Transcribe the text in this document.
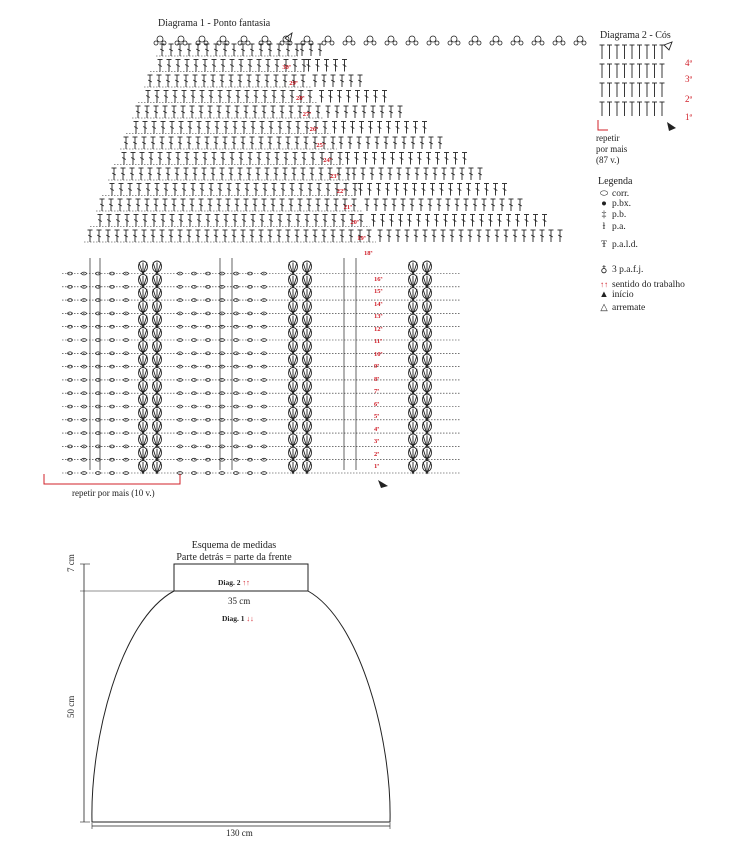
Diagrama 1 - Ponto fantasia
repetir por mais (10 v.)
1ª
2ª
3ª
4ª
5ª
6ª
7ª
8ª
9ª
10ª
11ª
12ª
13ª
14ª
15ª
16ª
18ª
19ª
20ª
21ª
22ª
23ª
24ª
25ª
26ª
27ª
28ª
29ª
30ª
Diagrama 2 - Cós
4ª
3ª
2ª
1ª
repetir
por mais
(87 v.)
Legenda
⬭ corr.
● p.bx.
‡ p.b.
ƚ p.a.
Ŧ p.a.l.d.
♁ 3 p.a.f.j.
↑↑ sentido do trabalho
▲ início
△ arremate
Esquema de medidas
Parte detrás = parte da frente
7 cm
50 cm
35 cm
130 cm
Diag. 2 ↑↑
Diag. 1 ↓↓
